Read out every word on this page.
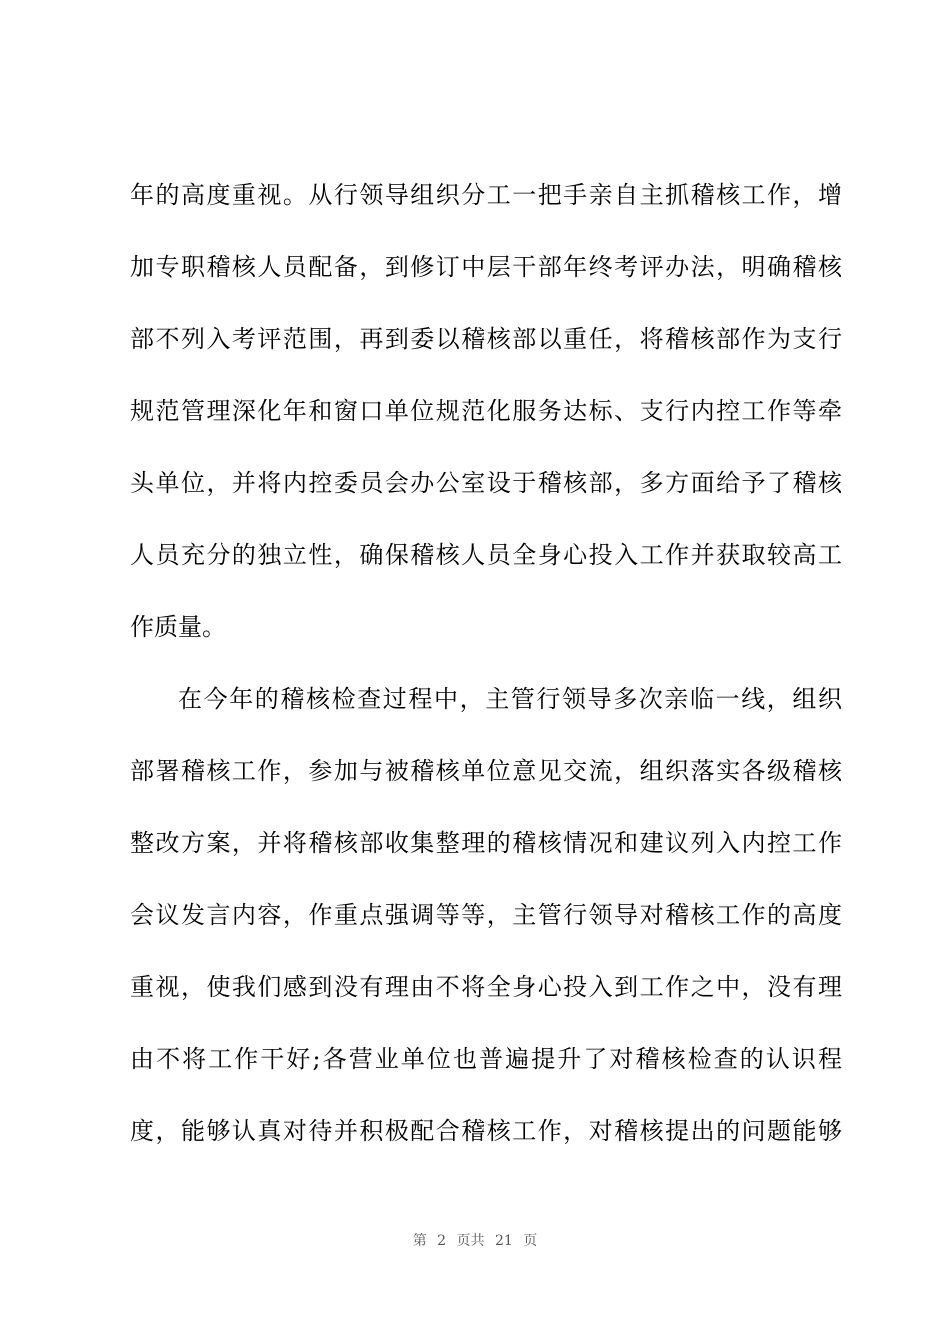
年的高度重视。从行领导组织分工一把手亲自主抓稽核工作，增
加专职稽核人员配备，到修订中层干部年终考评办法，明确稽核
部不列入考评范围，再到委以稽核部以重任，将稽核部作为支行
规范管理深化年和窗口单位规范化服务达标、支行内控工作等牵
头单位，并将内控委员会办公室设于稽核部，多方面给予了稽核
人员充分的独立性，确保稽核人员全身心投入工作并获取较高工
作质量。
在今年的稽核检查过程中，主管行领导多次亲临一线，组织
部署稽核工作，参加与被稽核单位意见交流，组织落实各级稽核
整改方案，并将稽核部收集整理的稽核情况和建议列入内控工作
会议发言内容，作重点强调等等，主管行领导对稽核工作的高度
重视，使我们感到没有理由不将全身心投入到工作之中，没有理
由不将工作干好;各营业单位也普遍提升了对稽核检查的认识程
度，能够认真对待并积极配合稽核工作，对稽核提出的问题能够
第 2 页共 21 页
